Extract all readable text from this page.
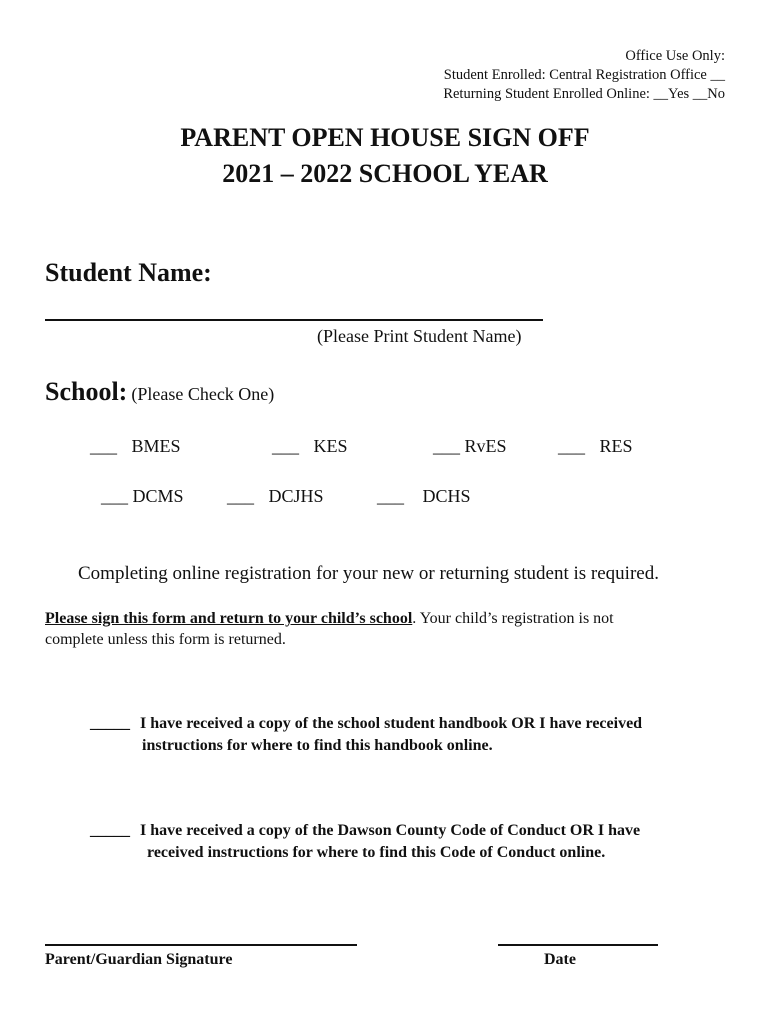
Office Use Only:
Student Enrolled: Central Registration Office __
Returning Student Enrolled Online: __Yes __No
PARENT OPEN HOUSE SIGN OFF
2021 – 2022 SCHOOL YEAR
Student Name:
(Please Print Student Name)
School: (Please Check One)
___ BMES	___ KES	___ RvES	___ RES
___ DCMS ___ DCJHS	___ DCHS
Completing online registration for your new or returning student is required.
Please sign this form and return to your child’s school. Your child’s registration is not
complete unless this form is returned.
_____ I have received a copy of the school student handbook OR I have received
instructions for where to find this handbook online.
_____ I have received a copy of the Dawson County Code of Conduct OR I have
received instructions for where to find this Code of Conduct online.
Parent/Guardian Signature	Date
